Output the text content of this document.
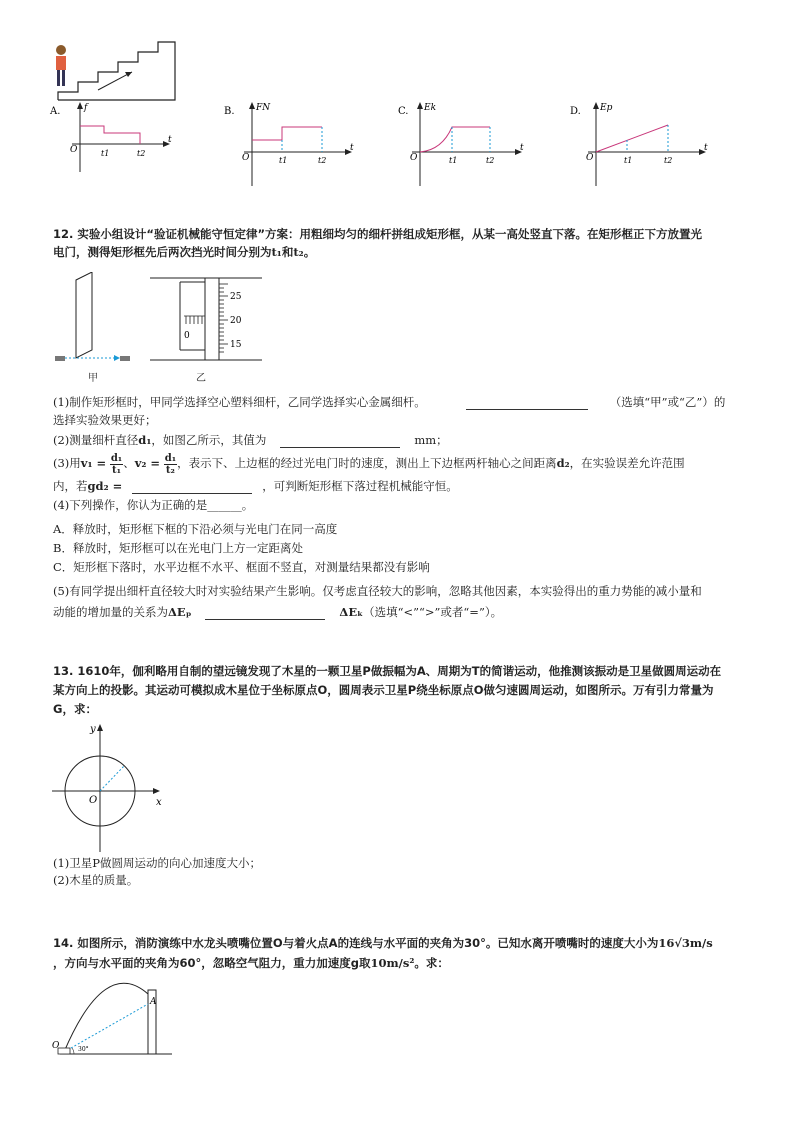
A.	f
t
O	t1	t2
B. FN
t
O	t1	t2
C. Ek
t
O	t1	t2
D. Ep
t
O	t1	t2
12. 实验小组设计“验证机械能守恒定律”方案：用粗细均匀的细杆拼组成矩形框，从某一高处竖直下落。在矩形框正下方放置光
电门，测得矩形框先后两次挡光时间分别为t₁和t₂。
甲
0
25
20
15
乙
(1)制作矩形框时，甲同学选择空心塑料细杆，乙同学选择实心金属细杆。	（选填“甲”或“乙”）的
选择实验效果更好；
(2)测量细杆直径d₁，如图乙所示，其值为	mm；
(3)用$v_1 = \frac{\text{d₁}}{\text{t₁}}$ 、$v_2 = \frac{\text{d₁}}{\text{t₂}}$ ，表示下、上边框的经过光电门时的速度，测出上下边框两杆轴心之间距离d₂，在实验误差允许范围
内，若gd₂ =	，可判断矩形框下落过程机械能守恒。
(4)下列操作，你认为正确的是______。
A．释放时，矩形框下框的下沿必须与光电门在同一高度
B．释放时，矩形框可以在光电门上方一定距离处
C．矩形框下落时，水平边框不水平、框面不竖直，对测量结果都没有影响
(5)有同学提出细杆直径较大时对实验结果产生影响。仅考虑直径较大的影响，忽略其他因素，本实验得出的重力势能的减小量和
动能的增加量的关系为ΔEₚ	ΔEₖ（选填“<”“>”或者“=”）。
13. 1610年，伽利略用自制的望远镜发现了木星的一颗卫星P做振幅为A、周期为T的简谐运动，他推测该振动是卫星做圆周运动在
某方向上的投影。其运动可模拟成木星位于坐标原点O，圆周表示卫星P绕坐标原点O做匀速圆周运动，如图所示。万有引力常量为
G，求：
x
y
O
(1)卫星P做圆周运动的向心加速度大小；
(2)木星的质量。
14. 如图所示，消防演练中水龙头喷嘴位置O与着火点A的连线与水平面的夹角为30°。已知水离开喷嘴时的速度大小为16√3m/s
，方向与水平面的夹角为60°，忽略空气阻力，重力加速度g取10m/s²。求：
A
O	30°
